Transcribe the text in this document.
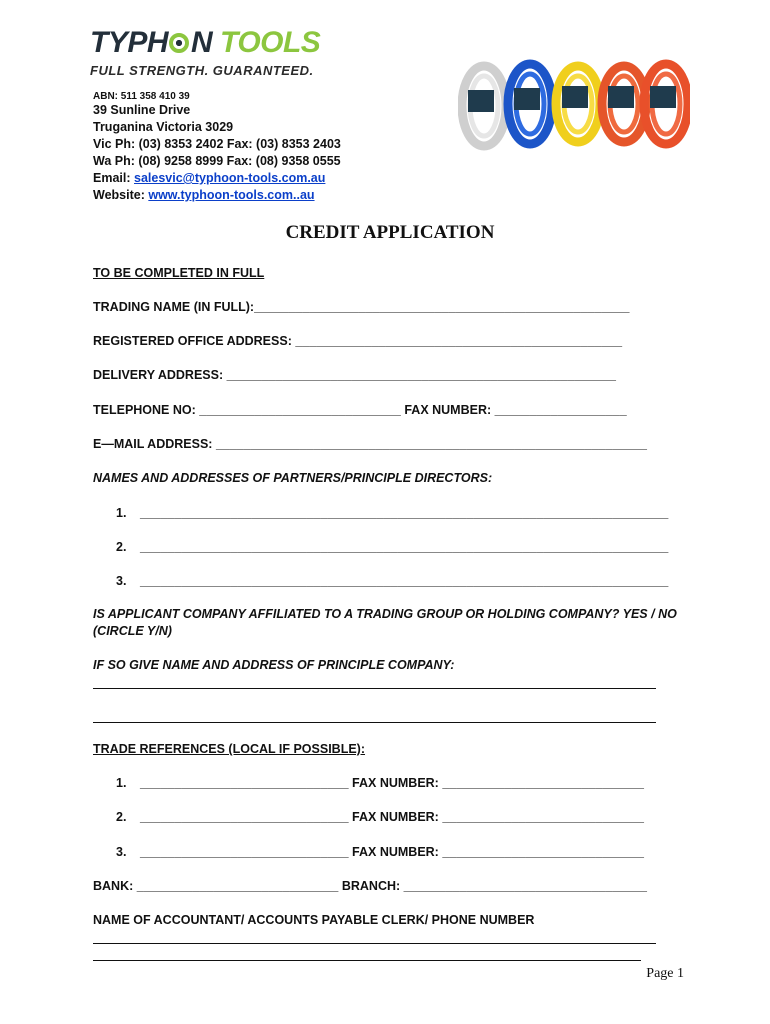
TYPH N TOOLS
FULL STRENGTH. GUARANTEED.
ABN: 511 358 410 39
39 Sunline Drive
Truganina Victoria 3029
Vic Ph: (03) 8353 2402 Fax: (03) 8353 2403
Wa Ph: (08) 9258 8999 Fax: (08) 9358 0555
Email: salesvic@typhoon-tools.com.au
Website: www.typhoon-tools.com..au
CREDIT APPLICATION
TO BE COMPLETED IN FULL
TRADING NAME (IN FULL):______________________________________________________
REGISTERED OFFICE ADDRESS: _______________________________________________
DELIVERY ADDRESS: ________________________________________________________
TELEPHONE NO: _____________________________ FAX NUMBER: ___________________
E—MAIL ADDRESS: ______________________________________________________________
NAMES AND ADDRESSES OF PARTNERS/PRINCIPLE DIRECTORS:
1. ____________________________________________________________________________
2. ____________________________________________________________________________
3. ____________________________________________________________________________
IS APPLICANT COMPANY AFFILIATED TO A TRADING GROUP OR HOLDING COMPANY? YES / NO
(CIRCLE Y/N)
IF SO GIVE NAME AND ADDRESS OF PRINCIPLE COMPANY:
TRADE REFERENCES (LOCAL IF POSSIBLE):
1. ______________________________ FAX NUMBER: _____________________________
2. ______________________________ FAX NUMBER: _____________________________
3. ______________________________ FAX NUMBER: _____________________________
BANK: _____________________________ BRANCH: ___________________________________
NAME OF ACCOUNTANT/ ACCOUNTS PAYABLE CLERK/ PHONE NUMBER
Page 1
